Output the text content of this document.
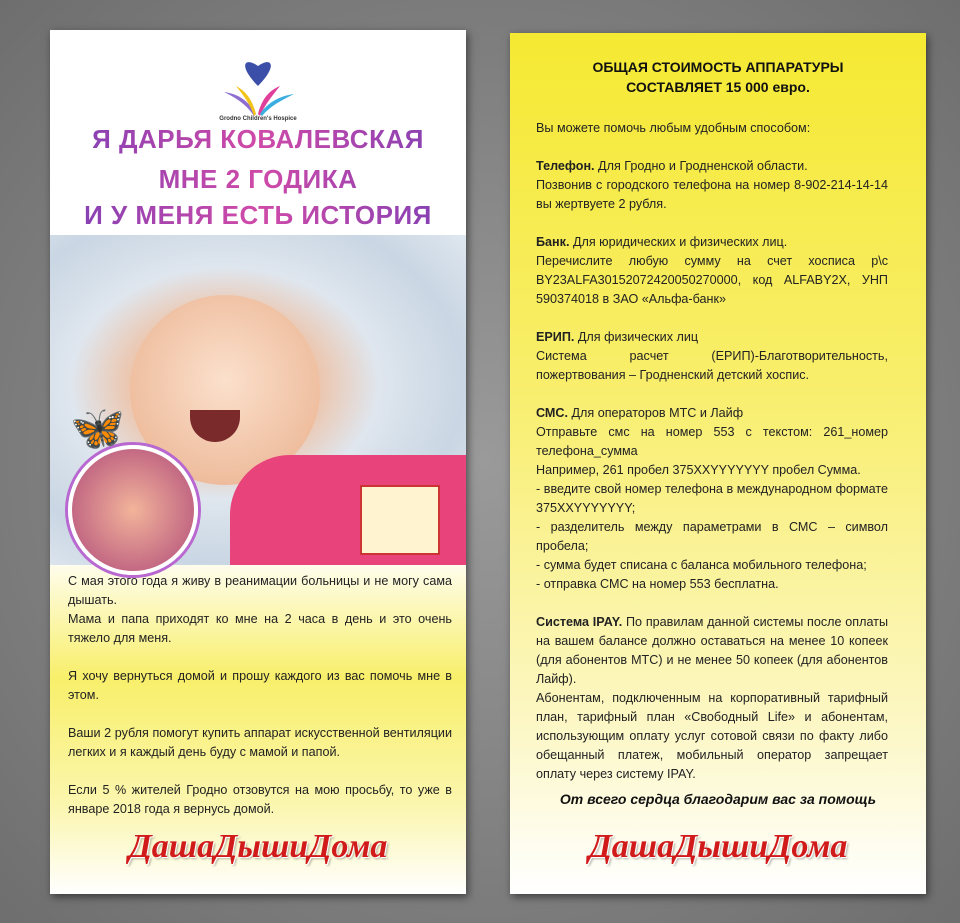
Grodno Children's Hospice
Я ДАРЬЯ КОВАЛЕВСКАЯ
МНЕ 2 ГОДИКА
И У МЕНЯ ЕСТЬ ИСТОРИЯ
🦋

С мая этого года я живу в реанимации больницы и не могу сама дышать.

Мама и папа приходят ко мне на 2 часа в день и это очень тяжело для меня.

Я хочу вернуться домой и прошу каждого из вас помочь мне в этом.

Ваши 2 рубля помогут купить аппарат искусственной вентиляции легких и я каждый день буду с мамой и папой.

Если 5 % жителей Гродно отзовутся на мою просьбу, то уже в январе 2018 года я вернусь домой.

ДашаДышиДома
ОБЩАЯ СТОИМОСТЬ АППАРАТУРЫ
СОСТАВЛЯЕТ 15 000 евро.

Вы можете помочь любым удобным способом:

Телефон. Для Гродно и Гродненской области.
Позвонив с городского телефона на номер 8-902-214-14-14 вы жертвуете 2 рубля.

Банк. Для юридических и физических лиц.
Перечислите любую сумму на счет хосписа р\с BY23ALFA30152072420050270000, код ALFABY2X, УНП 590374018 в ЗАО «Альфа-банк»

ЕРИП. Для физических лиц
Система расчет (ЕРИП)-Благотворительность, пожертвования – Гродненский детский хоспис.

СМС. Для операторов МТС и Лайф
Отправьте смс на номер 553 с текстом: 261_номер телефона_сумма
Например, 261 пробел 375XXYYYYYYY пробел Сумма.
- введите свой номер телефона в международном формате 375XXYYYYYYY;
- разделитель между параметрами в СМС – символ пробела;
- сумма будет списана с баланса мобильного телефона;
- отправка СМС на номер 553 бесплатна.

Система IPAY. По правилам данной системы после оплаты на вашем балансе должно оставаться на менее 10 копеек (для абонентов МТС) и не менее 50 копеек (для абонентов Лайф).
Абонентам, подключенным на корпоративный тарифный план, тарифный план «Свободный Life» и абонентам, использующим оплату услуг сотовой связи по факту либо обещанный платеж, мобильный оператор запрещает оплату через систему IPAY.

От всего сердца благодарим вас за помощь
ДашаДышиДома
